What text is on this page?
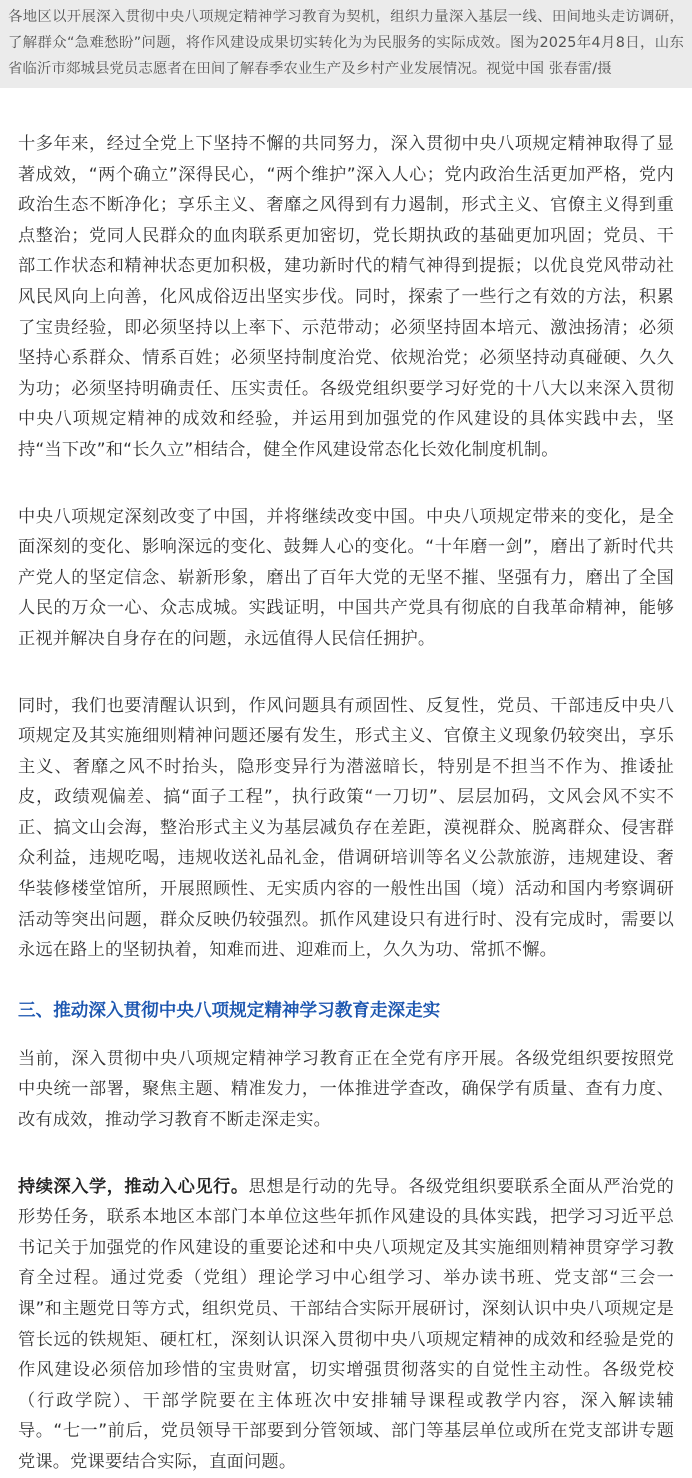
各地区以开展深入贯彻中央八项规定精神学习教育为契机，组织力量深入基层一线、田间地头走访调研，了解群众“急难愁盼”问题，将作风建设成果切实转化为为民服务的实际成效。图为2025年4月8日，山东省临沂市郯城县党员志愿者在田间了解春季农业生产及乡村产业发展情况。视觉中国 张春雷/摄

十多年来，经过全党上下坚持不懈的共同努力，深入贯彻中央八项规定精神取得了显著成效，“两个确立”深得民心，“两个维护”深入人心；党内政治生活更加严格，党内政治生态不断净化；享乐主义、奢靡之风得到有力遏制，形式主义、官僚主义得到重点整治；党同人民群众的血肉联系更加密切，党长期执政的基础更加巩固；党员、干部工作状态和精神状态更加积极，建功新时代的精气神得到提振；以优良党风带动社风民风向上向善，化风成俗迈出坚实步伐。同时，探索了一些行之有效的方法，积累了宝贵经验，即必须坚持以上率下、示范带动；必须坚持固本培元、激浊扬清；必须坚持心系群众、情系百姓；必须坚持制度治党、依规治党；必须坚持动真碰硬、久久为功；必须坚持明确责任、压实责任。各级党组织要学习好党的十八大以来深入贯彻中央八项规定精神的成效和经验，并运用到加强党的作风建设的具体实践中去，坚持“当下改”和“长久立”相结合，健全作风建设常态化长效化制度机制。

中央八项规定深刻改变了中国，并将继续改变中国。中央八项规定带来的变化，是全面深刻的变化、影响深远的变化、鼓舞人心的变化。“十年磨一剑”，磨出了新时代共产党人的坚定信念、崭新形象，磨出了百年大党的无坚不摧、坚强有力，磨出了全国人民的万众一心、众志成城。实践证明，中国共产党具有彻底的自我革命精神，能够正视并解决自身存在的问题，永远值得人民信任拥护。

同时，我们也要清醒认识到，作风问题具有顽固性、反复性，党员、干部违反中央八项规定及其实施细则精神问题还屡有发生，形式主义、官僚主义现象仍较突出，享乐主义、奢靡之风不时抬头，隐形变异行为潜滋暗长，特别是不担当不作为、推诿扯皮，政绩观偏差、搞“面子工程”，执行政策“一刀切”、层层加码，文风会风不实不正、搞文山会海，整治形式主义为基层减负存在差距，漠视群众、脱离群众、侵害群众利益，违规吃喝，违规收送礼品礼金，借调研培训等名义公款旅游，违规建设、奢华装修楼堂馆所，开展照顾性、无实质内容的一般性出国（境）活动和国内考察调研活动等突出问题，群众反映仍较强烈。抓作风建设只有进行时、没有完成时，需要以永远在路上的坚韧执着，知难而进、迎难而上，久久为功、常抓不懈。

三、推动深入贯彻中央八项规定精神学习教育走深走实

当前，深入贯彻中央八项规定精神学习教育正在全党有序开展。各级党组织要按照党中央统一部署，聚焦主题、精准发力，一体推进学查改，确保学有质量、查有力度、改有成效，推动学习教育不断走深走实。

持续深入学，推动入心见行。思想是行动的先导。各级党组织要联系全面从严治党的形势任务，联系本地区本部门本单位这些年抓作风建设的具体实践，把学习习近平总书记关于加强党的作风建设的重要论述和中央八项规定及其实施细则精神贯穿学习教育全过程。通过党委（党组）理论学习中心组学习、举办读书班、党支部“三会一课”和主题党日等方式，组织党员、干部结合实际开展研讨，深刻认识中央八项规定是管长远的铁规矩、硬杠杠，深刻认识深入贯彻中央八项规定精神的成效和经验是党的作风建设必须倍加珍惜的宝贵财富，切实增强贯彻落实的自觉性主动性。各级党校（行政学院）、干部学院要在主体班次中安排辅导课程或教学内容，深入解读辅导。“七一”前后，党员领导干部要到分管领域、部门等基层单位或所在党支部讲专题党课。党课要结合实际，直面问题。
